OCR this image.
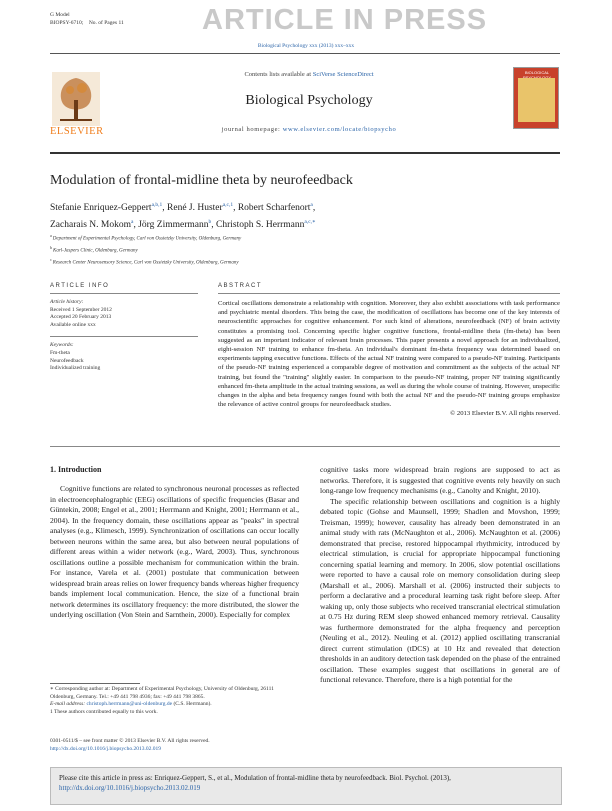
G Model
BIOPSY-6710; No. of Pages 11	ARTICLE IN PRESS
Biological Psychology xxx (2013) xxx–xxx
ELSEVIER
Contents lists available at SciVerse ScienceDirect
Biological Psychology
journal homepage: www.elsevier.com/locate/biopsycho
BIOLOGICAL
Modulation of frontal-midline theta by neurofeedback
Stefanie Enriquez-Geppert$^{a,b,1}$, René J. Huster$^{a,c,1}$, Robert Scharfenort$^a$,
Zacharais N. Mokom$^a$, Jörg Zimmermann$^b$, Christoph S. Herrmann$^{a,c,∗}$
$^a$ Department of Experimental Psychology, Carl von Ossietzky University, Oldenburg, Germany
$^b$ Karl-Jaspers Clinic, Oldenburg, Germany
$^c$ Research Center Neurosensory Science, Carl von Ossietzky University, Oldenburg, Germany
ARTICLE INFO
Article history:
Received 1 September 2012
Accepted 20 February 2013
Available online xxx
Keywords:
Fm-theta
Neurofeedback
Individualized training
ABSTRACT
Cortical oscillations demonstrate a relationship with cognition. Moreover, they also exhibit associations with task performance and psychiatric mental disorders. This being the case, the modification of oscillations has become one of the key interests of neuroscientific approaches for cognitive enhancement. For such kind of alterations, neurofeedback (NF) of brain activity constitutes a promising tool. Concerning specific higher cognitive functions, frontal-midline theta (fm-theta) has been suggested as an important indicator of relevant brain processes. This paper presents a novel approach for an individualized, eight-session NF training to enhance fm-theta. An individual's dominant fm-theta frequency was determined based on experiments tapping executive functions. Effects of the actual NF training were compared to a pseudo-NF training. Participants of the pseudo-NF training experienced a comparable degree of motivation and commitment as the subjects of the actual NF training, but found the "training" slightly easier. In comparison to the pseudo-NF training, proper NF training significantly enhanced fm-theta amplitude in the actual training sessions, as well as during the whole course of training. However, unspecific changes in the alpha and beta frequency ranges found with both the actual NF and the pseudo-NF training groups emphasize the relevance of active control groups for neurofeedback studies.
© 2013 Elsevier B.V. All rights reserved.
1. Introduction

Cognitive functions are related to synchronous neuronal processes as reflected in electroencephalographic (EEG) oscillations of specific frequencies (Basar and Güntekin, 2008; Engel et al., 2001; Herrmann and Knight, 2001; Herrmann et al., 2004). In the frequency domain, these oscillations appear as "peaks" in spectral analyses (e.g., Klimesch, 1999). Synchronization of oscillations can occur locally between neurons within the same area, but also between neural populations of different areas within a wider network (e.g., Ward, 2003). Thus, synchronous oscillations outline a possible mechanism for communication within the brain. For instance, Varela et al. (2001) postulate that communication between widespread brain areas relies on lower frequency bands whereas higher frequency bands implement local communication. Hence, the size of a functional brain network determines its oscillatory frequency: the more distributed, the slower the underlying oscillation (Von Stein and Sarnthein, 2000). Especially for complex

cognitive tasks more widespread brain regions are supposed to act as networks. Therefore, it is suggested that cognitive events rely heavily on such long-range low frequency mechanisms (e.g., Canolty and Knight, 2010).

The specific relationship between oscillations and cognition is a highly debated topic (Gohse and Maunsell, 1999; Shadlen and Movshon, 1999; Treisman, 1999); however, causality has already been demonstrated in an animal study with rats (McNaughton et al., 2006). McNaughton et al. (2006) demonstrated that precise, restored hippocampal rhythmicity, introduced by electrical stimulation, is crucial for appropriate hippocampal functioning concerning spatial learning and memory. In 2006, slow potential oscillations were reported to have a causal role on memory consolidation during sleep (Marshall et al., 2006). Marshall et al. (2006) instructed their subjects to perform a declarative and a procedural learning task right before sleep. After waking up, only those subjects who received transcranial electrical stimulation at 0.75 Hz during REM sleep showed enhanced memory retrieval. Causality was furthermore demonstrated for the alpha frequency and perception (Neuling et al., 2012). Neuling et al. (2012) applied oscillating transcranial direct current stimulation (tDCS) at 10 Hz and revealed that detection thresholds in an auditory detection task depended on the phase of the entrained oscillation. These examples suggest that oscillations in general are of functional relevance. Therefore, there is a high potential for the

∗ Corresponding author at: Department of Experimental Psychology, University of Oldenburg, 26111 Oldenburg, Germany. Tel.: +49 441 798 4936; fax: +49 441 798 3865.
E-mail address: christoph.herrmann@uni-oldenburg.de (C.S. Herrmann).
1 These authors contributed equally to this work.
0301-0511/$ – see front matter © 2013 Elsevier B.V. All rights reserved.
http://dx.doi.org/10.1016/j.biopsycho.2013.02.019
Please cite this article in press as: Enriquez-Geppert, S., et al., Modulation of frontal-midline theta by neurofeedback. Biol. Psychol. (2013),
http://dx.doi.org/10.1016/j.biopsycho.2013.02.019
